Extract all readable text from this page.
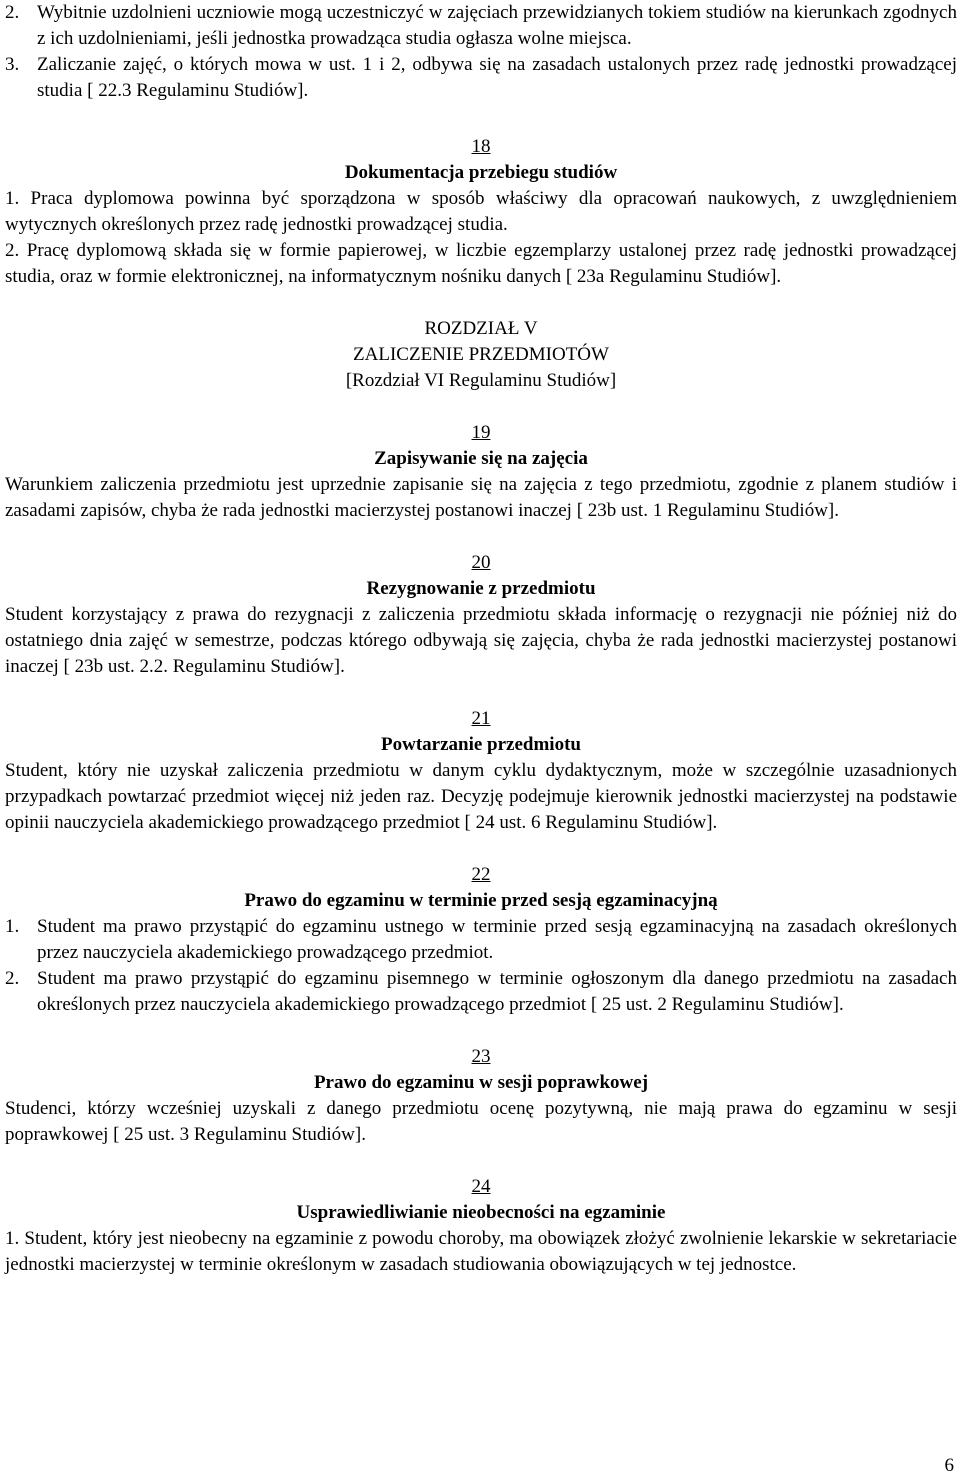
2. Wybitnie uzdolnieni uczniowie mogą uczestniczyć w zajęciach przewidzianych tokiem studiów na kierunkach zgodnych z ich uzdolnieniami, jeśli jednostka prowadząca studia ogłasza wolne miejsca.

3. Zaliczanie zajęć, o których mowa w ust. 1 i 2, odbywa się na zasadach ustalonych przez radę jednostki prowadzącej studia [ 22.3 Regulaminu Studiów].

18

Dokumentacja przebiegu studiów

1. Praca dyplomowa powinna być sporządzona w sposób właściwy dla opracowań naukowych, z uwzględnieniem wytycznych określonych przez radę jednostki prowadzącej studia.

2. Pracę dyplomową składa się w formie papierowej, w liczbie egzemplarzy ustalonej przez radę jednostki prowadzącej studia, oraz w formie elektronicznej, na informatycznym nośniku danych [ 23a Regulaminu Studiów].

ROZDZIAŁ V

ZALICZENIE PRZEDMIOTÓW

[Rozdział VI Regulaminu Studiów]

19

Zapisywanie się na zajęcia

Warunkiem zaliczenia przedmiotu jest uprzednie zapisanie się na zajęcia z tego przedmiotu, zgodnie z planem studiów i zasadami zapisów, chyba że rada jednostki macierzystej postanowi inaczej [ 23b ust. 1 Regulaminu Studiów].

20

Rezygnowanie z przedmiotu

Student korzystający z prawa do rezygnacji z zaliczenia przedmiotu składa informację o rezygnacji nie później niż do ostatniego dnia zajęć w semestrze, podczas którego odbywają się zajęcia, chyba że rada jednostki macierzystej postanowi inaczej [ 23b ust. 2.2. Regulaminu Studiów].

21

Powtarzanie przedmiotu

Student, który nie uzyskał zaliczenia przedmiotu w danym cyklu dydaktycznym, może w szczególnie uzasadnionych przypadkach powtarzać przedmiot więcej niż jeden raz. Decyzję podejmuje kierownik jednostki macierzystej na podstawie opinii nauczyciela akademickiego prowadzącego przedmiot [ 24 ust. 6 Regulaminu Studiów].

22

Prawo do egzaminu w terminie przed sesją egzaminacyjną

1. Student ma prawo przystąpić do egzaminu ustnego w terminie przed sesją egzaminacyjną na zasadach określonych przez nauczyciela akademickiego prowadzącego przedmiot.

2. Student ma prawo przystąpić do egzaminu pisemnego w terminie ogłoszonym dla danego przedmiotu na zasadach określonych przez nauczyciela akademickiego prowadzącego przedmiot [ 25 ust. 2 Regulaminu Studiów].

23

Prawo do egzaminu w sesji poprawkowej

Studenci, którzy wcześniej uzyskali z danego przedmiotu ocenę pozytywną, nie mają prawa do egzaminu w sesji poprawkowej [ 25 ust. 3 Regulaminu Studiów].

24

Usprawiedliwianie nieobecności na egzaminie

1. Student, który jest nieobecny na egzaminie z powodu choroby, ma obowiązek złożyć zwolnienie lekarskie w sekretariacie jednostki macierzystej w terminie określonym w zasadach studiowania obowiązujących w tej jednostce.

6
